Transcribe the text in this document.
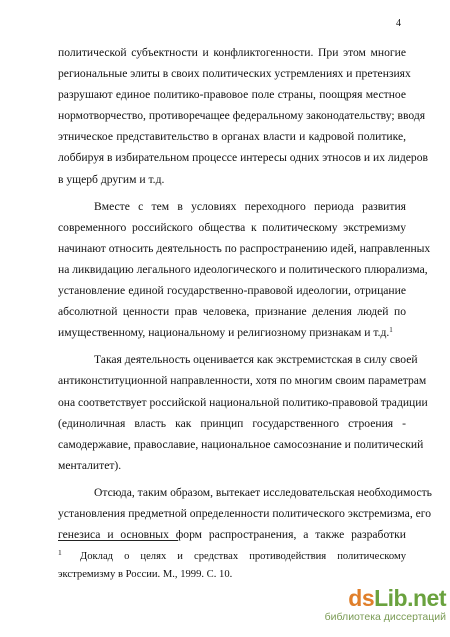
4
политической субъектности и конфликтогенности. При этом многие
региональные элиты в своих политических устремлениях и претензиях
разрушают единое политико-правовое поле страны, поощряя местное
нормотворчество, противоречащее федеральному законодательству; вводя
этническое представительство в органах власти и кадровой политике,
лоббируя в избирательном процессе интересы одних этносов и их лидеров
в ущерб другим и т.д.
Вместе с тем в условиях переходного периода развития
современного российского общества к политическому экстремизму
начинают относить деятельность по распространению идей, направленных
на ликвидацию легального идеологического и политического плюрализма,
установление единой государственно-правовой идеологии, отрицание
абсолютной ценности прав человека, признание деления людей по
имущественному, национальному и религиозному признакам и т.д.$^1$
Такая деятельность оценивается как экстремистская в силу своей
антиконституционной направленности, хотя по многим своим параметрам
она соответствует российской национальной политико-правовой традиции
(единоличная власть как принцип государственного строения -
самодержавие, православие, национальное самосознание и политический
менталитет).
Отсюда, таким образом, вытекает исследовательская необходимость
установления предметной определенности политического экстремизма, его
генезиса и основных форм распространения, а также разработки
1 Доклад о целях и средствах противодействия политическому
экстремизму в России. М., 1999. С. 10.
dsLib.net
библиотека диссертаций
